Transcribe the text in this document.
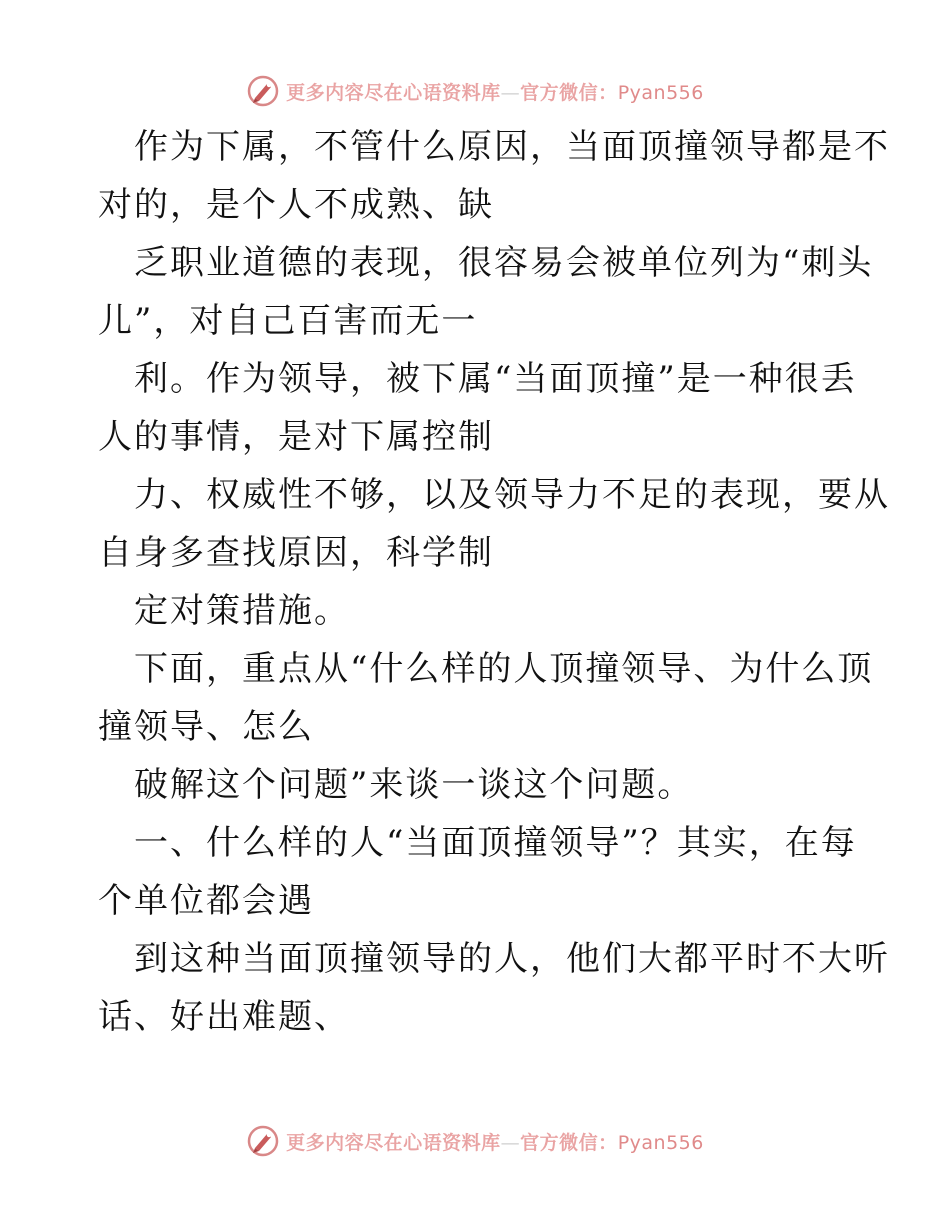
更多内容尽在心语资料库—官方微信：Pyan556
作为下属，不管什么原因，当面顶撞领导都是不
对的，是个人不成熟、缺
乏职业道德的表现，很容易会被单位列为“刺头
儿”，对自己百害而无一
利。作为领导，被下属“当面顶撞”是一种很丢
人的事情，是对下属控制
力、权威性不够，以及领导力不足的表现，要从
自身多查找原因，科学制
定对策措施。
下面，重点从“什么样的人顶撞领导、为什么顶
撞领导、怎么
破解这个问题”来谈一谈这个问题。
一、什么样的人“当面顶撞领导”？其实，在每
个单位都会遇
到这种当面顶撞领导的人，他们大都平时不大听
话、好出难题、
更多内容尽在心语资料库—官方微信：Pyan556
